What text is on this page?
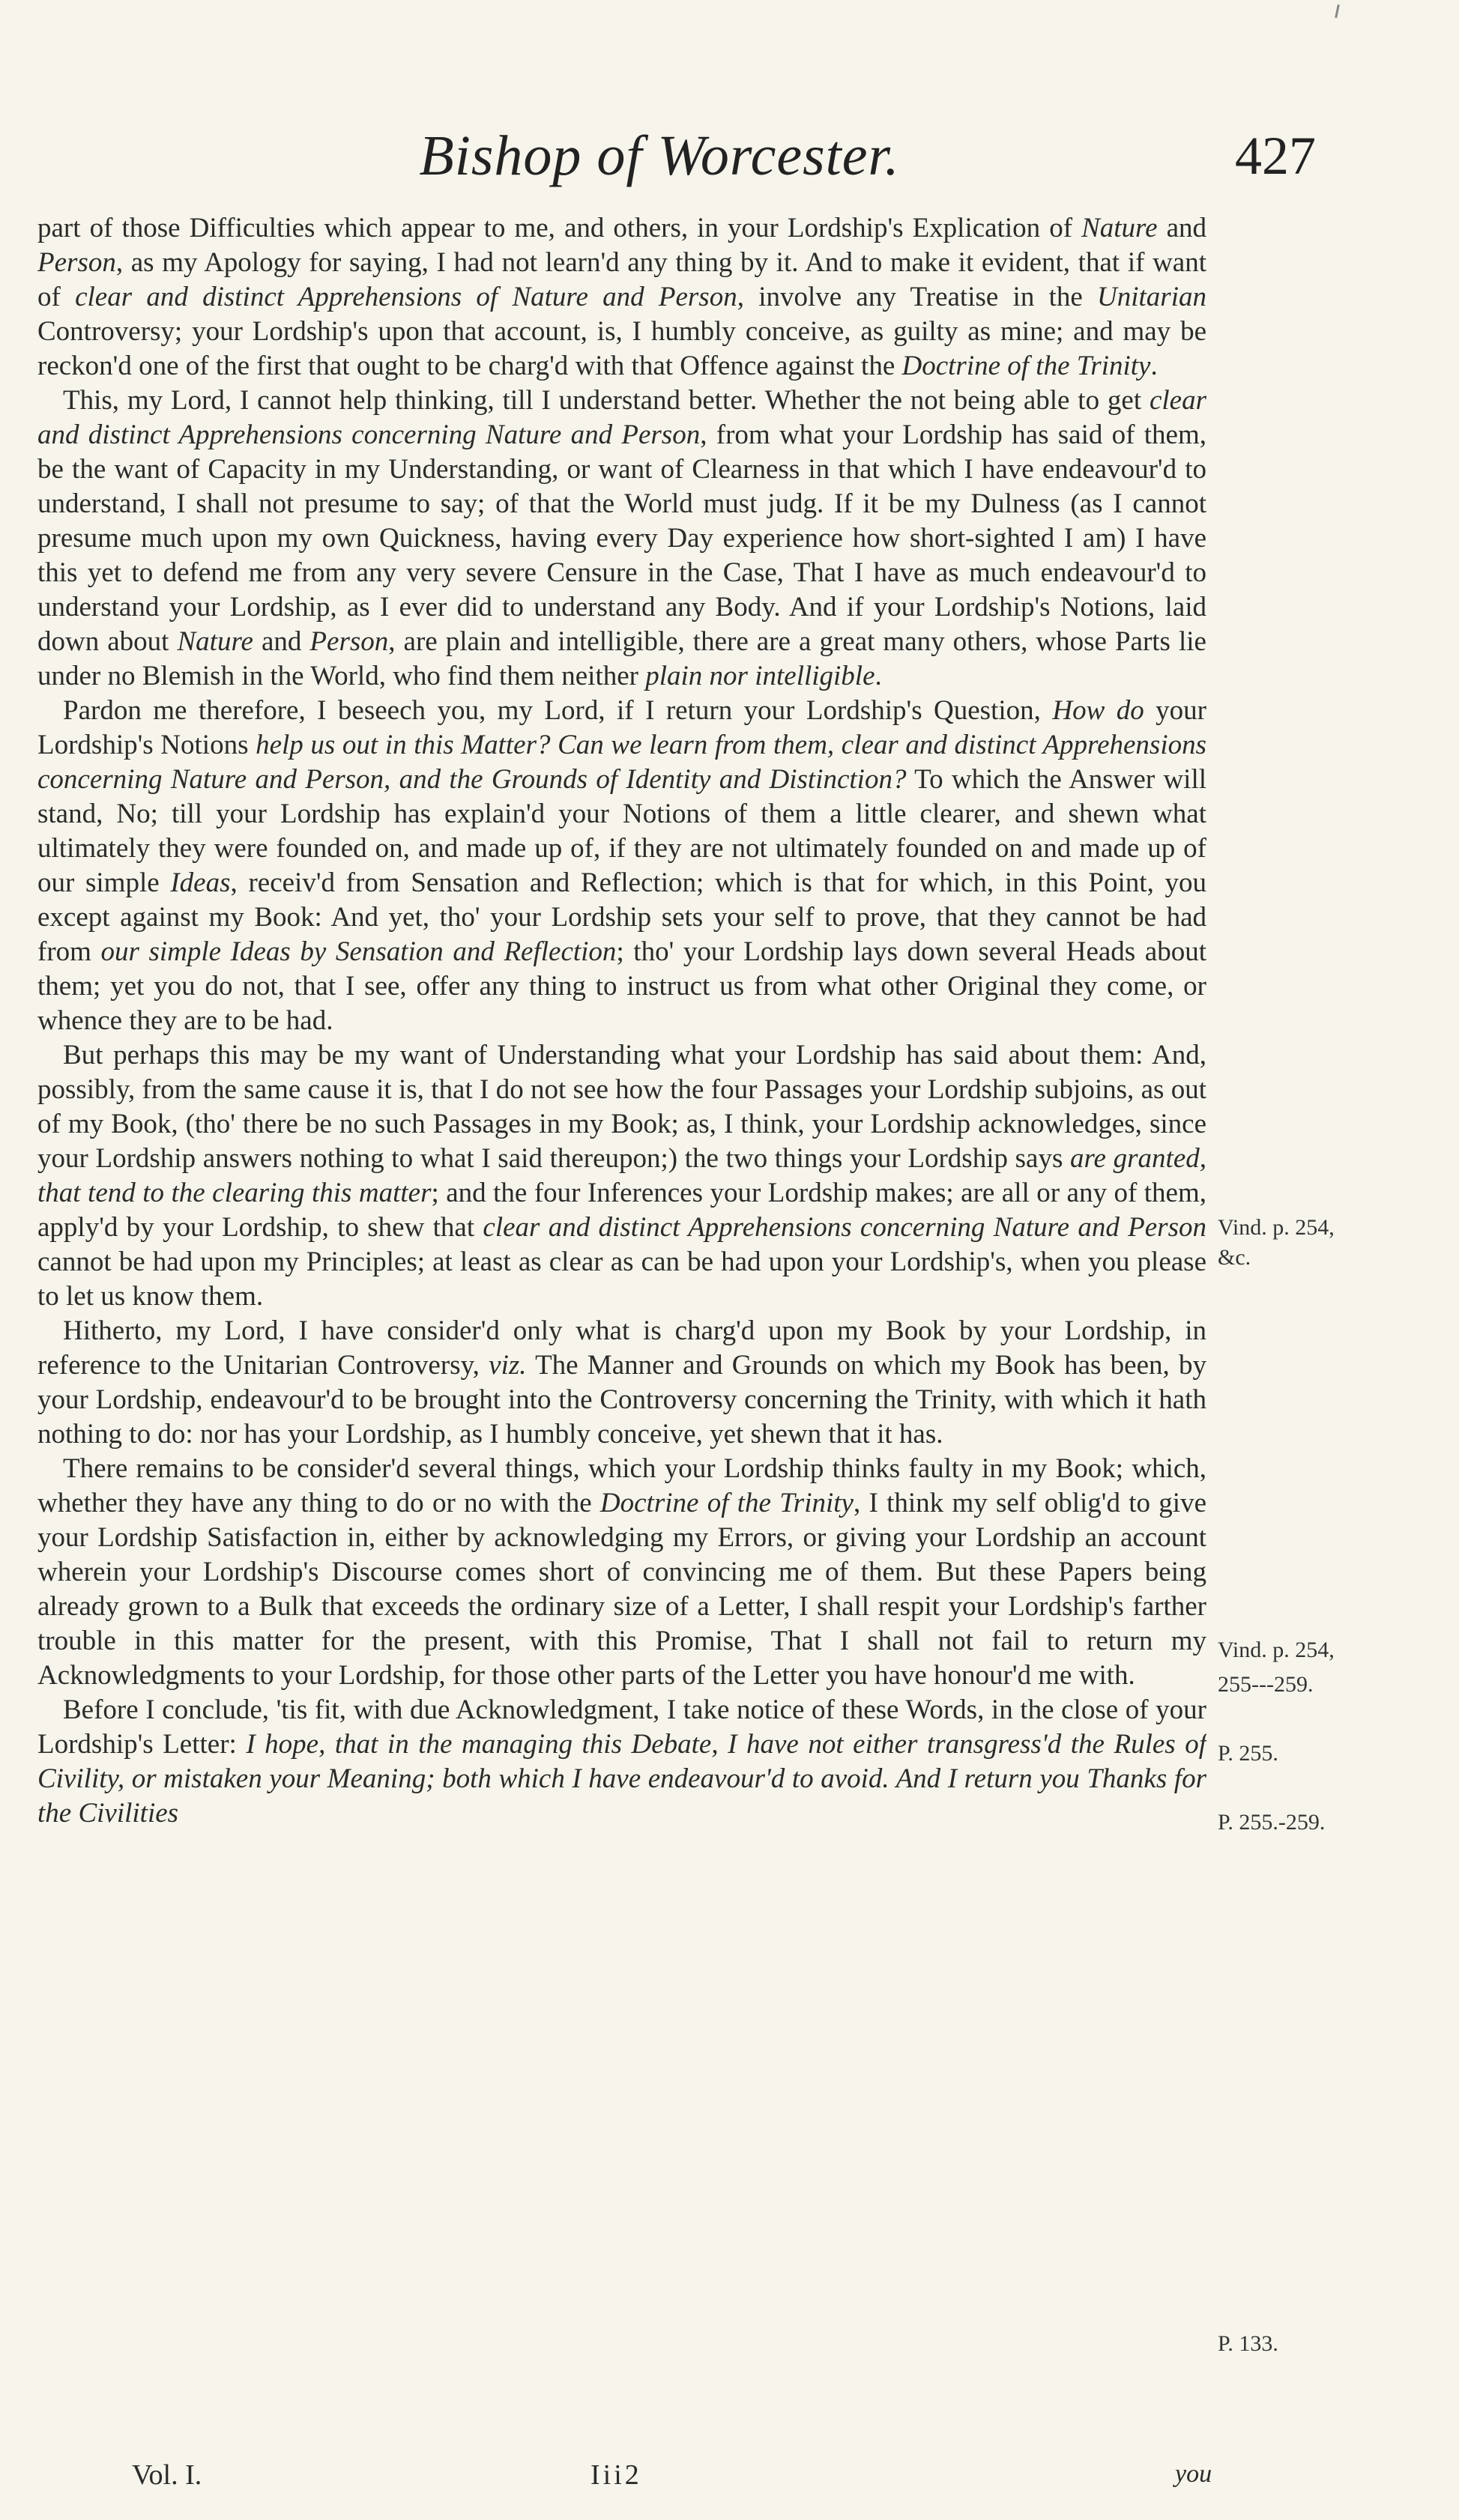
Bishop of Worcester.	427

part of those Difficulties which appear to me, and others, in your Lordship's Explication of Nature and Person, as my Apology for saying, I had not learn'd any thing by it. And to make it evident, that if want of clear and distinct Apprehensions of Nature and Person, involve any Treatise in the Unitarian Controversy; your Lordship's upon that account, is, I humbly conceive, as guilty as mine; and may be reckon'd one of the first that ought to be charg'd with that Offence against the Doctrine of the Trinity.

This, my Lord, I cannot help thinking, till I understand better. Whether the not being able to get clear and distinct Apprehensions concerning Nature and Person, from what your Lordship has said of them, be the want of Capacity in my Understanding, or want of Clearness in that which I have endeavour'd to understand, I shall not presume to say; of that the World must judg. If it be my Dulness (as I cannot presume much upon my own Quickness, having every Day experience how short-sighted I am) I have this yet to defend me from any very severe Censure in the Case, That I have as much endeavour'd to understand your Lordship, as I ever did to understand any Body. And if your Lordship's Notions, laid down about Nature and Person, are plain and intelligible, there are a great many others, whose Parts lie under no Blemish in the World, who find them neither plain nor intelligible.

Pardon me therefore, I beseech you, my Lord, if I return your Lordship's Question, How do your Lordship's Notions help us out in this Matter? Can we learn from them, clear and distinct Apprehensions concerning Nature and Person, and the Grounds of Identity and Distinction? To which the Answer will stand, No; till your Lordship has explain'd your Notions of them a little clearer, and shewn what ultimately they were founded on, and made up of, if they are not ultimately founded on and made up of our simple Ideas, receiv'd from Sensation and Reflection; which is that for which, in this Point, you except against my Book: And yet, tho' your Lordship sets your self to prove, that they cannot be had from our simple Ideas by Sensation and Reflection; tho' your Lordship lays down several Heads about them; yet you do not, that I see, offer any thing to instruct us from what other Original they come, or whence they are to be had.

But perhaps this may be my want of Understanding what your Lordship has said about them: And, possibly, from the same cause it is, that I do not see how the four Passages your Lordship subjoins, as out of my Book, (tho' there be no such Passages in my Book; as, I think, your Lordship acknowledges, since your Lordship answers nothing to what I said thereupon;) the two things your Lordship says are granted, that tend to the clearing this matter; and the four Inferences your Lordship makes; are all or any of them, apply'd by your Lordship, to shew that clear and distinct Apprehensions concerning Nature and Person cannot be had upon my Principles; at least as clear as can be had upon your Lordship's, when you please to let us know them.

Hitherto, my Lord, I have consider'd only what is charg'd upon my Book by your Lordship, in reference to the Unitarian Controversy, viz. The Manner and Grounds on which my Book has been, by your Lordship, endeavour'd to be brought into the Controversy concerning the Trinity, with which it hath nothing to do: nor has your Lordship, as I humbly conceive, yet shewn that it has.

There remains to be consider'd several things, which your Lordship thinks faulty in my Book; which, whether they have any thing to do or no with the Doctrine of the Trinity, I think my self oblig'd to give your Lordship Satisfaction in, either by acknowledging my Errors, or giving your Lordship an account wherein your Lordship's Discourse comes short of convincing me of them. But these Papers being already grown to a Bulk that exceeds the ordinary size of a Letter, I shall respit your Lordship's farther trouble in this matter for the present, with this Promise, That I shall not fail to return my Acknowledgments to your Lordship, for those other parts of the Letter you have honour'd me with.

Before I conclude, 'tis fit, with due Acknowledgment, I take notice of these Words, in the close of your Lordship's Letter: I hope, that in the managing this Debate, I have not either transgress'd the Rules of Civility, or mistaken your Meaning; both which I have endeavour'd to avoid. And I return you Thanks for the Civilities

Vind. p. 254,
&c.
Vind. p. 254,
255---259.
P. 255.
P. 255.-259.
P. 133.
Vol. I.	Iii2	you
